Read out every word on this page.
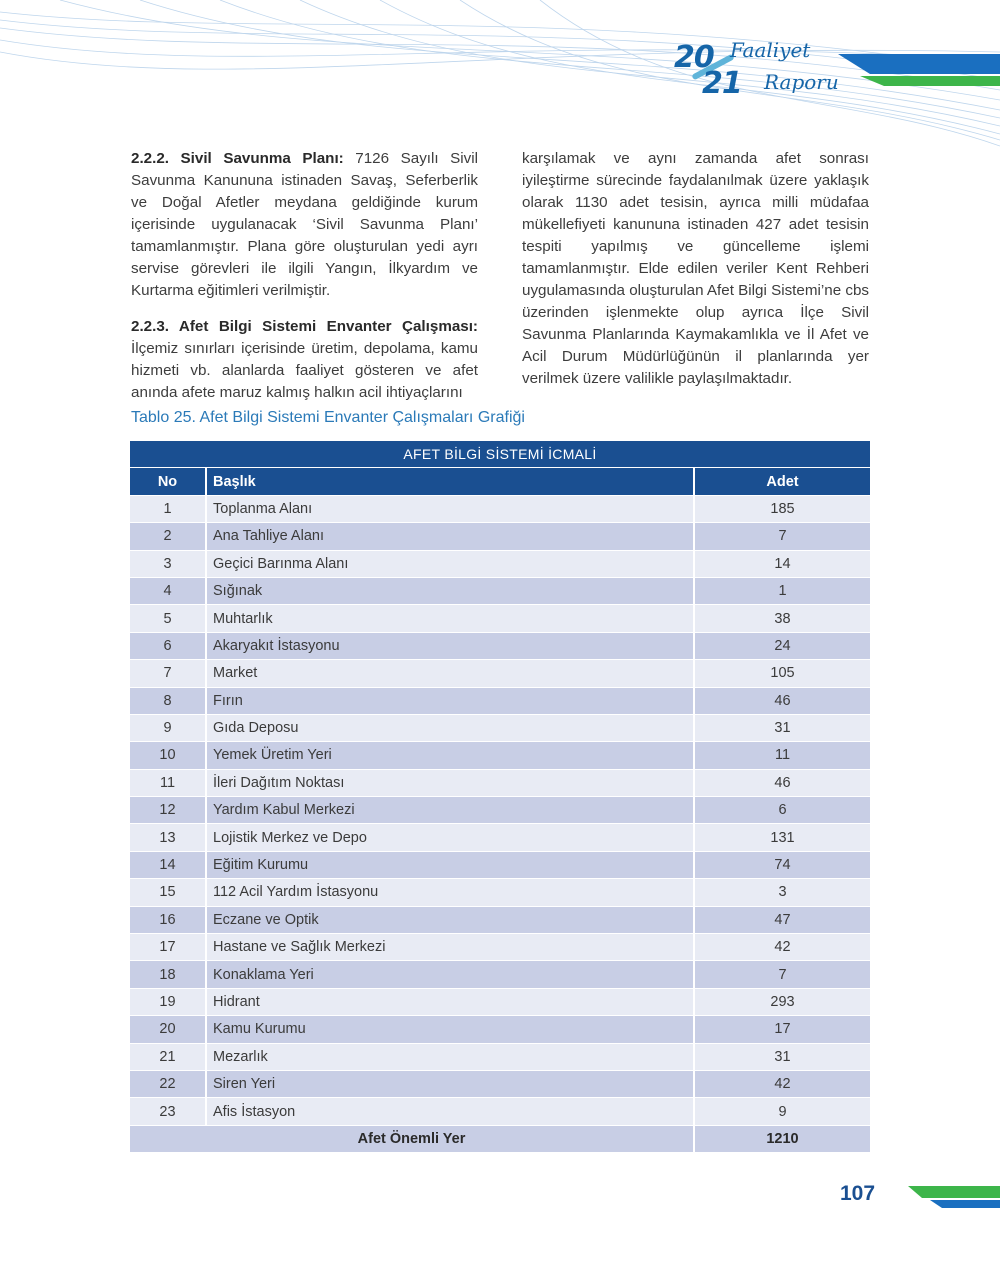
20
21
Faaliyet
Raporu

2.2.2. Sivil Savunma Planı: 7126 Sayılı Sivil Savunma Kanununa istinaden Savaş, Seferberlik ve Doğal Afetler meydana geldiğinde kurum içerisinde uygulanacak ‘Sivil Savunma Planı’ tamamlanmıştır. Plana göre oluşturulan yedi ayrı servise görevleri ile ilgili Yangın, İlkyardım ve Kurtarma eğitimleri verilmiştir.

2.2.3. Afet Bilgi Sistemi Envanter Çalışması: İlçemiz sınırları içerisinde üretim, depolama, kamu hizmeti vb. alanlarda faaliyet gösteren ve afet anında afete maruz kalmış halkın acil ihtiyaçlarını

karşılamak ve aynı zamanda afet sonrası iyileştirme sürecinde faydalanılmak üzere yaklaşık olarak 1130 adet tesisin, ayrıca milli müdafaa mükellefiyeti kanununa istinaden 427 adet tesisin tespiti yapılmış ve güncelleme işlemi tamamlanmıştır. Elde edilen veriler Kent Rehberi uygulamasında oluşturulan Afet Bilgi Sistemi’ne cbs üzerinden işlenmekte olup ayrıca İlçe Sivil Savunma Planlarında Kaymakamlıkla ve İl Afet ve Acil Durum Müdürlüğünün il planlarında yer verilmek üzere valilikle paylaşılmaktadır.

Tablo 25. Afet Bilgi Sistemi Envanter Çalışmaları Grafiği
AFET BİLGİ SİSTEMİ İCMALİ		
No	Başlık	Adet
1	Toplanma Alanı	185
2	Ana Tahliye Alanı	7
3	Geçici Barınma Alanı	14
4	Sığınak	1
5	Muhtarlık	38
6	Akaryakıt İstasyonu	24
7	Market	105
8	Fırın	46
9	Gıda Deposu	31
10	Yemek Üretim Yeri	11
11	İleri Dağıtım Noktası	46
12	Yardım Kabul Merkezi	6
13	Lojistik Merkez ve Depo	131
14	Eğitim Kurumu	74
15	112 Acil Yardım İstasyonu	3
16	Eczane ve Optik	47
17	Hastane ve Sağlık Merkezi	42
18	Konaklama Yeri	7
19	Hidrant	293
20	Kamu Kurumu	17
21	Mezarlık	31
22	Siren Yeri	42
23	Afis İstasyon	9
Afet Önemli Yer		1210
107
